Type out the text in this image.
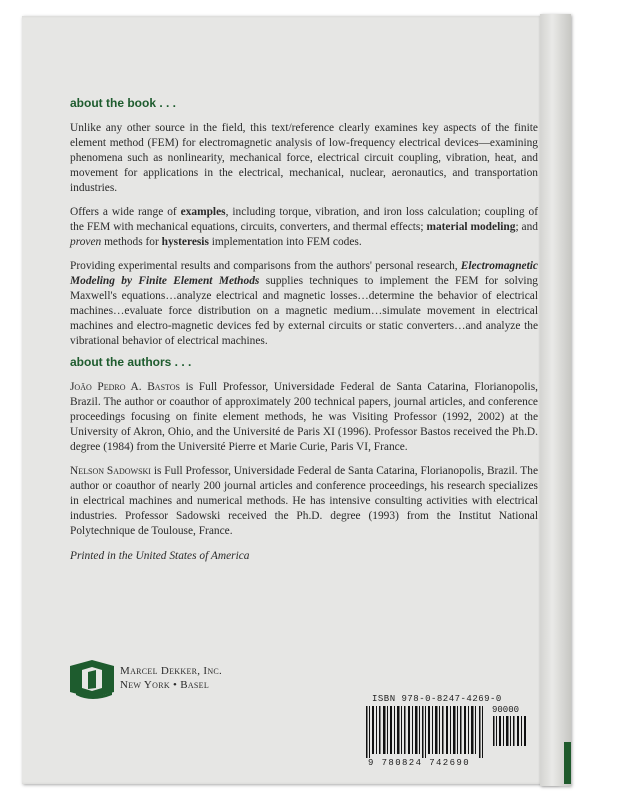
about the book . . .

Unlike any other source in the field, this text/reference clearly examines key aspects of the finite element method (FEM) for electromagnetic analysis of low-frequency electrical devices—examining phenomena such as nonlinearity, mechanical force, electrical circuit coupling, vibration, heat, and movement for applications in the electrical, mechanical, nuclear, aeronautics, and transportation industries.

Offers a wide range of examples, including torque, vibration, and iron loss calculation; coupling of the FEM with mechanical equations, circuits, converters, and thermal effects; material modeling; and proven methods for hysteresis implementation into FEM codes.

Providing experimental results and comparisons from the authors' personal research, Electromagnetic Modeling by Finite Element Methods supplies techniques to implement the FEM for solving Maxwell's equations…analyze electrical and magnetic losses…determine the behavior of electrical machines…evaluate force distribution on a magnetic medium…simulate movement in electrical machines and electro-magnetic devices fed by external circuits or static converters…and analyze the vibrational behavior of electrical machines.

about the authors . . .

João Pedro A. Bastos is Full Professor, Universidade Federal de Santa Catarina, Florianopolis, Brazil. The author or coauthor of approximately 200 technical papers, journal articles, and conference proceedings focusing on finite element methods, he was Visiting Professor (1992, 2002) at the University of Akron, Ohio, and the Université de Paris XI (1996). Professor Bastos received the Ph.D. degree (1984) from the Université Pierre et Marie Curie, Paris VI, France.

Nelson Sadowski is Full Professor, Universidade Federal de Santa Catarina, Florianopolis, Brazil. The author or coauthor of nearly 200 journal articles and conference proceedings, his research specializes in electrical machines and numerical methods. He has intensive consulting activities with electrical industries. Professor Sadowski received the Ph.D. degree (1993) from the Institut National Polytechnique de Toulouse, France.

Printed in the United States of America

Marcel Dekker, Inc.
New York • Basel
ISBN 978-0-8247-4269-0
90000
9 780824 742690
